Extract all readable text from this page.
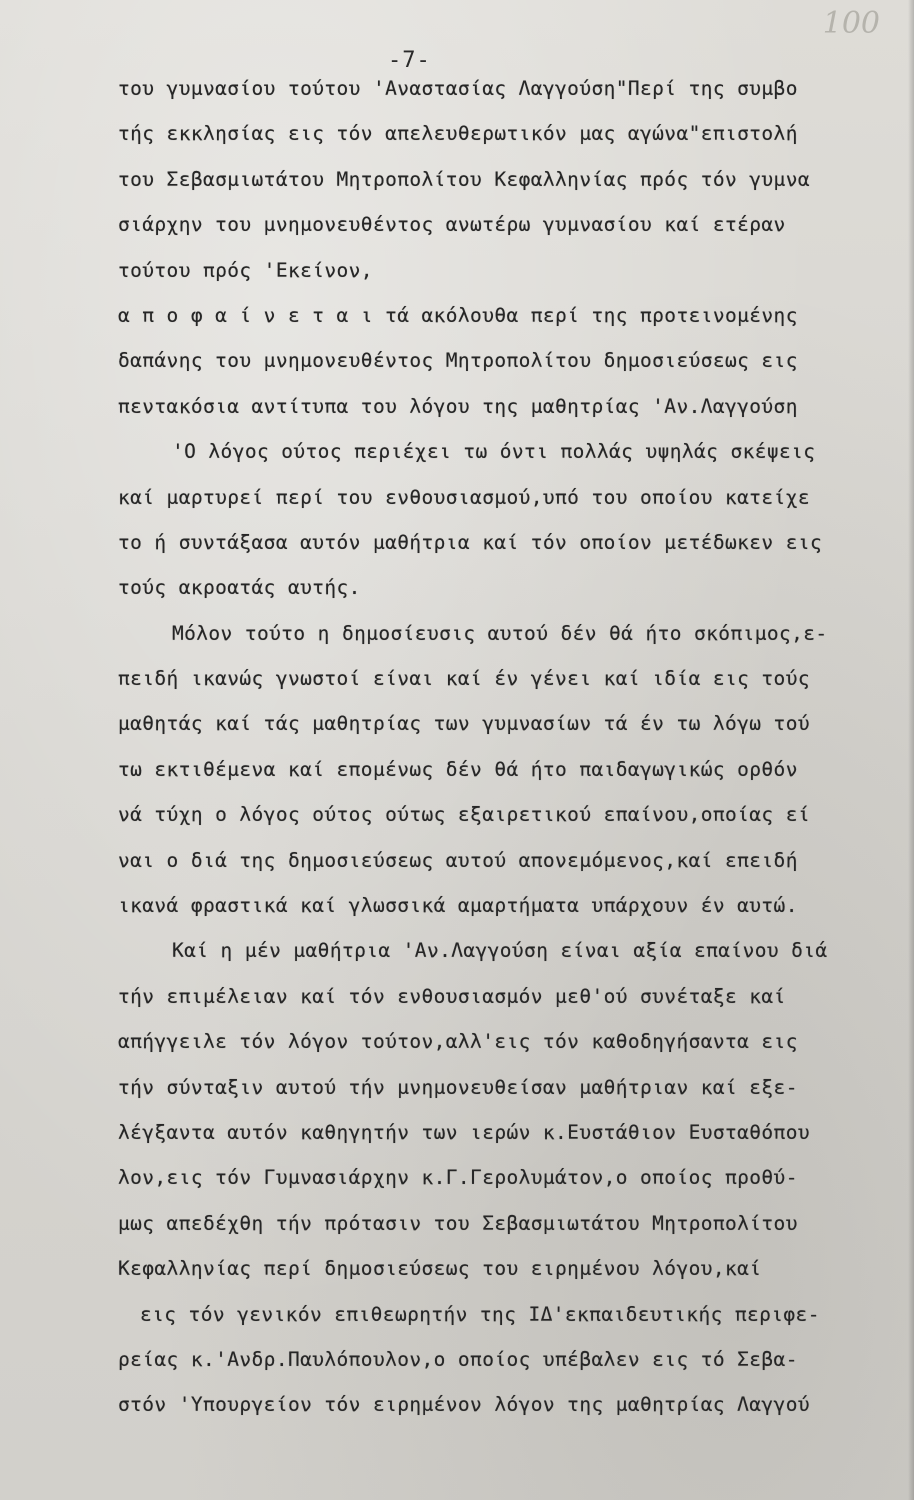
100
-7-
του γυμνασίου τούτου 'Αναστασίας Λαγγούση"Περί της συμβο
τής εκκλησίας εις τόν απελευθερωτικόν μας αγώνα"επιστολή
του Σεβασμιωτάτου Μητροπολίτου Κεφαλληνίας πρός τόν γυμνα
σιάρχην του μνημονευθέντος ανωτέρω γυμνασίου καί ετέραν
τούτου πρός 'Εκείνον,
α π ο φ α ί ν ε τ α ι τά ακόλουθα περί της προτεινομένης
δαπάνης του μνημονευθέντος Μητροπολίτου δημοσιεύσεως εις
πεντακόσια αντίτυπα του λόγου της μαθητρίας 'Αν.Λαγγούση
'Ο λόγος ούτος περιέχει τω όντι πολλάς υψηλάς σκέψεις
καί μαρτυρεί περί του ενθουσιασμού,υπό του οποίου κατείχε
το ή συντάξασα αυτόν μαθήτρια καί τόν οποίον μετέδωκεν εις
τούς ακροατάς αυτής.
Μόλον τούτο η δημοσίευσις αυτού δέν θά ήτο σκόπιμος,ε-
πειδή ικανώς γνωστοί είναι καί έν γένει καί ιδία εις τούς
μαθητάς καί τάς μαθητρίας των γυμνασίων τά έν τω λόγω τού
τω εκτιθέμενα καί επομένως δέν θά ήτο παιδαγωγικώς ορθόν
νά τύχη ο λόγος ούτος ούτως εξαιρετικού επαίνου,οποίας εί
ναι ο διά της δημοσιεύσεως αυτού απονεμόμενος,καί επειδή
ικανά φραστικά καί γλωσσικά αμαρτήματα υπάρχουν έν αυτώ.
Καί η μέν μαθήτρια 'Αν.Λαγγούση είναι αξία επαίνου διά
τήν επιμέλειαν καί τόν ενθουσιασμόν μεθ'ού συνέταξε καί
απήγγειλε τόν λόγον τούτον,αλλ'εις τόν καθοδηγήσαντα εις
τήν σύνταξιν αυτού τήν μνημονευθείσαν μαθήτριαν καί εξε-
λέγξαντα αυτόν καθηγητήν των ιερών κ.Ευστάθιον Ευσταθόπου
λον,εις τόν Γυμνασιάρχην κ.Γ.Γερολυμάτον,ο οποίος προθύ-
μως απεδέχθη τήν πρότασιν του Σεβασμιωτάτου Μητροπολίτου
Κεφαλληνίας περί δημοσιεύσεως του ειρημένου λόγου,καί
εις τόν γενικόν επιθεωρητήν της ΙΔ'εκπαιδευτικής περιφε-
ρείας κ.'Ανδρ.Παυλόπουλον,ο οποίος υπέβαλεν εις τό Σεβα-
στόν 'Υπουργείον τόν ειρημένον λόγον της μαθητρίας Λαγγού
